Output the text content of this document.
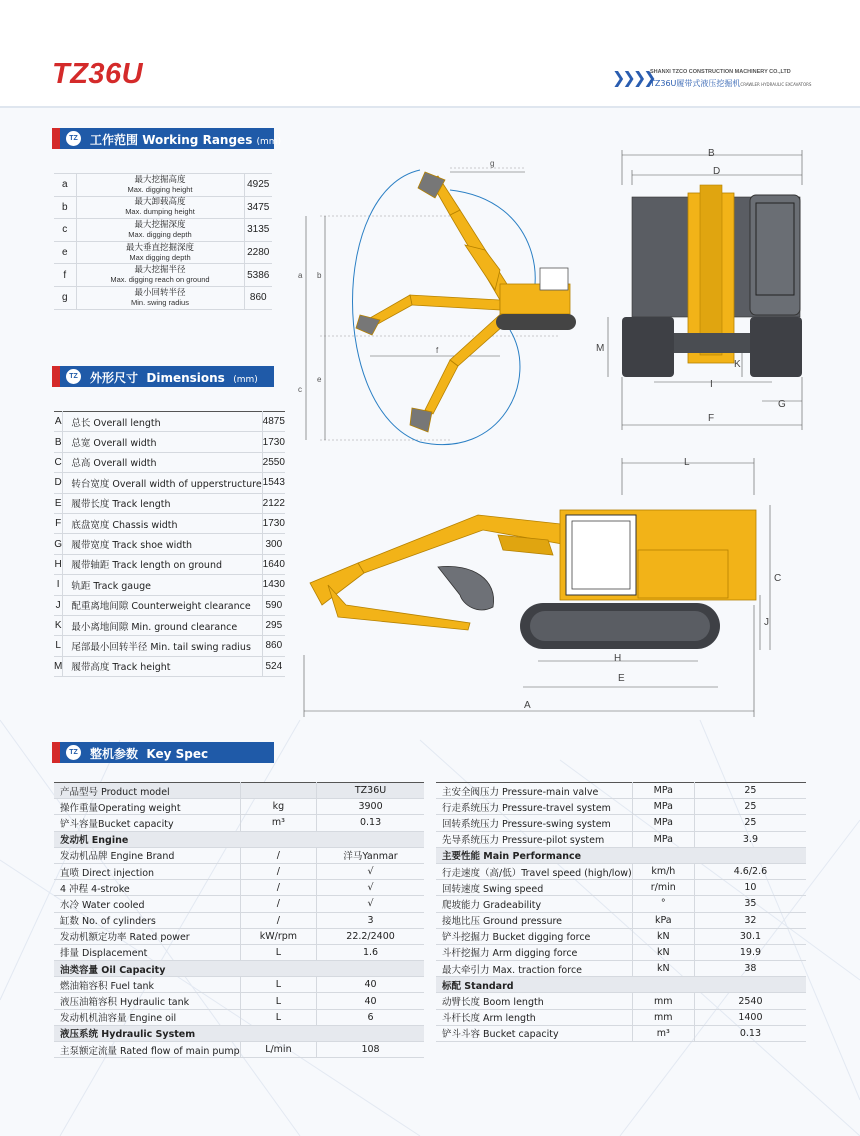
TZ36U	❯❯❯❯
SHANXI TZCO CONSTRUCTION MACHINERY CO.,LTD
TZ36U履带式液压挖掘机CRAWLER HYDRAULIC EXCAVATORS
TZ 工作范围 Working Ranges (mm)
a	最大挖掘高度
Max. digging height	4925
b	最大卸载高度
Max. dumping height	3475
c	最大挖掘深度
Max. digging depth	3135
e	最大垂直挖掘深度
Max digging depth	2280
f	最大挖掘半径
Max. digging reach on ground	5386
g	最小回转半径
Min. swing radius	860
TZ 外形尺寸 Dimensions (mm)
A	总长 Overall length	4875
B	总宽 Overall width	1730
C	总高 Overall width	2550
D	转台宽度 Overall width of upperstructure	1543
E	履带长度 Track length	2122
F	底盘宽度 Chassis width	1730
G	履带宽度 Track shoe width	300
H	履带轴距 Track length on ground	1640
I	轨距 Track gauge	1430
J	配重离地间隙 Counterweight clearance	590
K	最小离地间隙 Min. ground clearance	295
L	尾部最小回转半径 Min. tail swing radius	860
M	履带高度 Track height	524
a b
c
e
f
g
B
D
M
K
I
F
G
L
C
J
H
E
A
TZ 整机参数 Key Spec
产品型号 Product model		TZ36U
操作重量Operating weight	kg	3900
铲斗容量Bucket capacity	m³	0.13
发动机 Engine		
发动机品牌 Engine Brand	/	洋马Yanmar
直喷 Direct injection	/	√
4 冲程 4-stroke	/	√
水冷 Water cooled	/	√
缸数 No. of cylinders	/	3
发动机额定功率 Rated power	kW/rpm	22.2/2400
排量 Displacement	L	1.6
油类容量 Oil Capacity		
燃油箱容积 Fuel tank	L	40
液压油箱容积 Hydraulic tank	L	40
发动机机油容量 Engine oil	L	6
液压系统 Hydraulic System		
主泵额定流量 Rated flow of main pump	L/min	108
主安全阀压力 Pressure-main valve	MPa	25
行走系统压力 Pressure-travel system	MPa	25
回转系统压力 Pressure-swing system	MPa	25
先导系统压力 Pressure-pilot system	MPa	3.9
主要性能 Main Performance		
行走速度（高/低）Travel speed (high/low)	km/h	4.6/2.6
回转速度 Swing speed	r/min	10
爬坡能力 Gradeability	°	35
接地比压 Ground pressure	kPa	32
铲斗挖掘力 Bucket digging force	kN	30.1
斗杆挖掘力 Arm digging force	kN	19.9
最大牵引力 Max. traction force	kN	38
标配 Standard		
动臂长度 Boom length	mm	2540
斗杆长度 Arm length	mm	1400
铲斗斗容 Bucket capacity	m³	0.13
